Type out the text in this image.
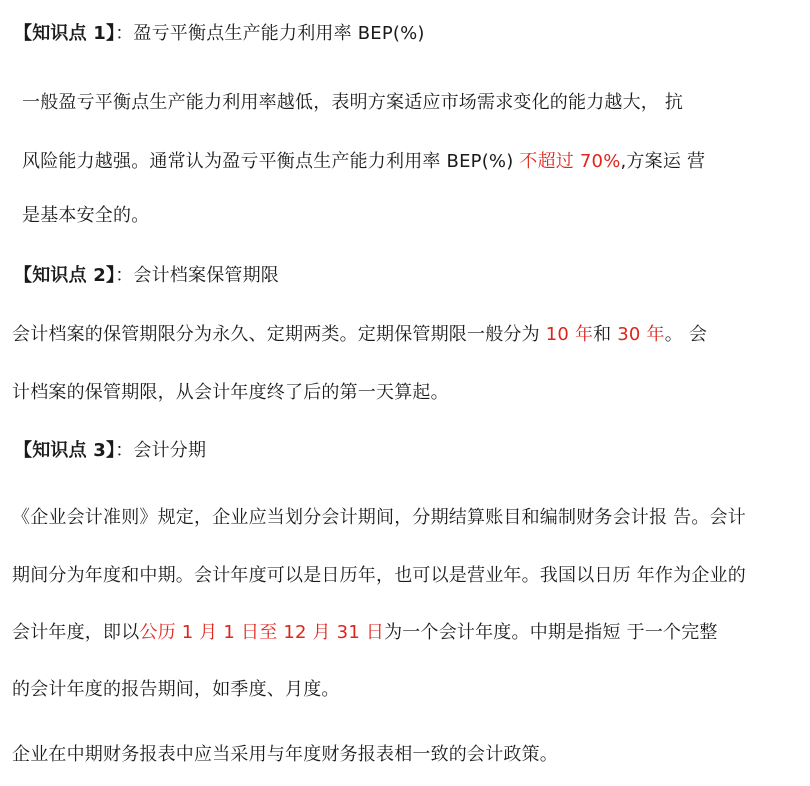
【知识点 1】：盈亏平衡点生产能力利用率 BEP(%)
一般盈亏平衡点生产能力利用率越低，表明方案适应市场需求变化的能力越大， 抗
风险能力越强。通常认为盈亏平衡点生产能力利用率 BEP(%) 不超过 70%,方案运 营
是基本安全的。
【知识点 2】：会计档案保管期限
会计档案的保管期限分为永久、定期两类。定期保管期限一般分为 10 年和 30 年。 会
计档案的保管期限，从会计年度终了后的第一天算起。
【知识点 3】：会计分期
《企业会计准则》规定，企业应当划分会计期间，分期结算账目和编制财务会计报 告。会计
期间分为年度和中期。会计年度可以是日历年，也可以是营业年。我国以日历 年作为企业的
会计年度，即以公历 1 月 1 日至 12 月 31 日为一个会计年度。中期是指短 于一个完整
的会计年度的报告期间，如季度、月度。
企业在中期财务报表中应当采用与年度财务报表相一致的会计政策。
